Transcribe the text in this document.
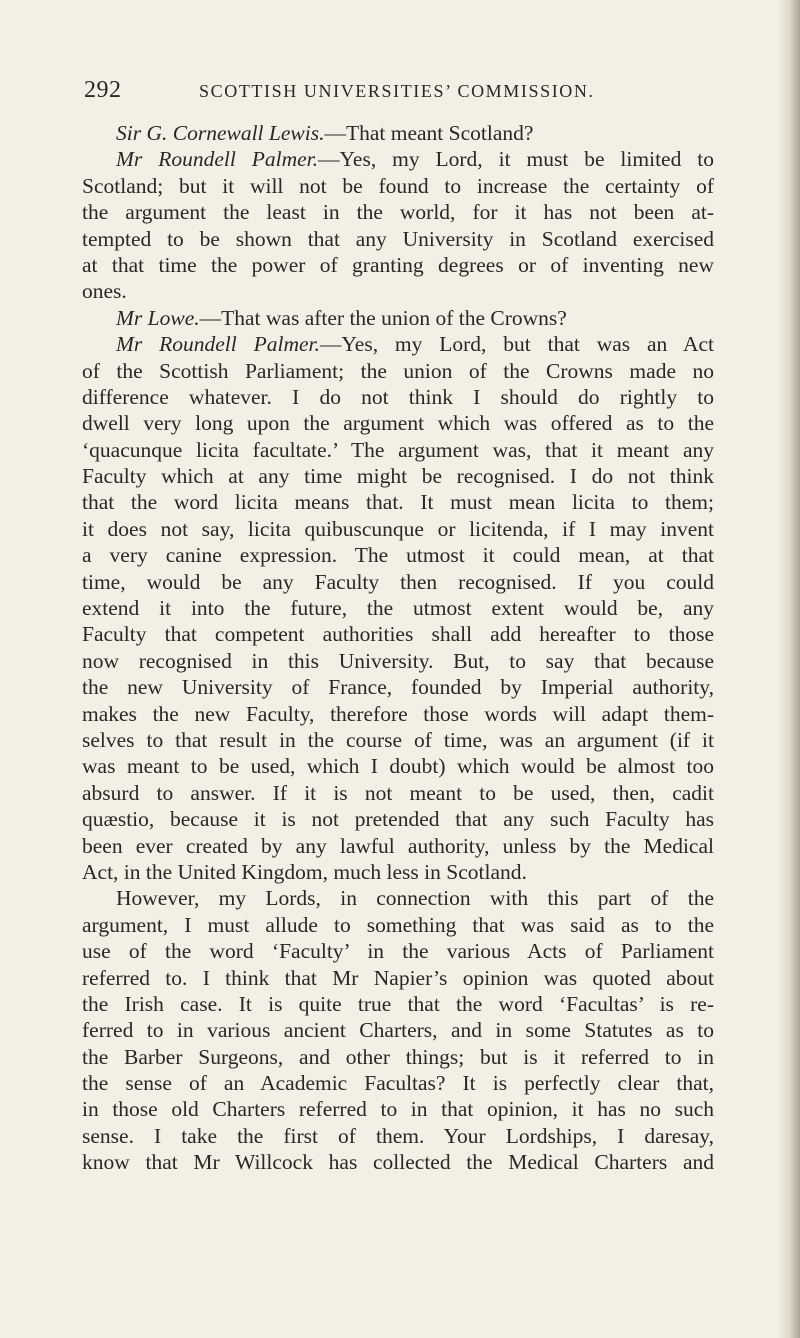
292	SCOTTISH UNIVERSITIES’ COMMISSION.
Sir G. Cornewall Lewis.—That meant Scotland?
Mr Roundell Palmer.—Yes, my Lord, it must be limited to
Scotland; but it will not be found to increase the certainty of
the argument the least in the world, for it has not been at-
tempted to be shown that any University in Scotland exercised
at that time the power of granting degrees or of inventing new
ones.
Mr Lowe.—That was after the union of the Crowns?
Mr Roundell Palmer.—Yes, my Lord, but that was an Act
of the Scottish Parliament; the union of the Crowns made no
difference whatever. I do not think I should do rightly to
dwell very long upon the argument which was offered as to the
‘quacunque licita facultate.’ The argument was, that it meant any
Faculty which at any time might be recognised. I do not think
that the word licita means that. It must mean licita to them;
it does not say, licita quibuscunque or licitenda, if I may invent
a very canine expression. The utmost it could mean, at that
time, would be any Faculty then recognised. If you could
extend it into the future, the utmost extent would be, any
Faculty that competent authorities shall add hereafter to those
now recognised in this University. But, to say that because
the new University of France, founded by Imperial authority,
makes the new Faculty, therefore those words will adapt them-
selves to that result in the course of time, was an argument (if it
was meant to be used, which I doubt) which would be almost too
absurd to answer. If it is not meant to be used, then, cadit
quæstio, because it is not pretended that any such Faculty has
been ever created by any lawful authority, unless by the Medical
Act, in the United Kingdom, much less in Scotland.
However, my Lords, in connection with this part of the
argument, I must allude to something that was said as to the
use of the word ‘Faculty’ in the various Acts of Parliament
referred to. I think that Mr Napier’s opinion was quoted about
the Irish case. It is quite true that the word ‘Facultas’ is re-
ferred to in various ancient Charters, and in some Statutes as to
the Barber Surgeons, and other things; but is it referred to in
the sense of an Academic Facultas? It is perfectly clear that,
in those old Charters referred to in that opinion, it has no such
sense. I take the first of them. Your Lordships, I daresay,
know that Mr Willcock has collected the Medical Charters and
